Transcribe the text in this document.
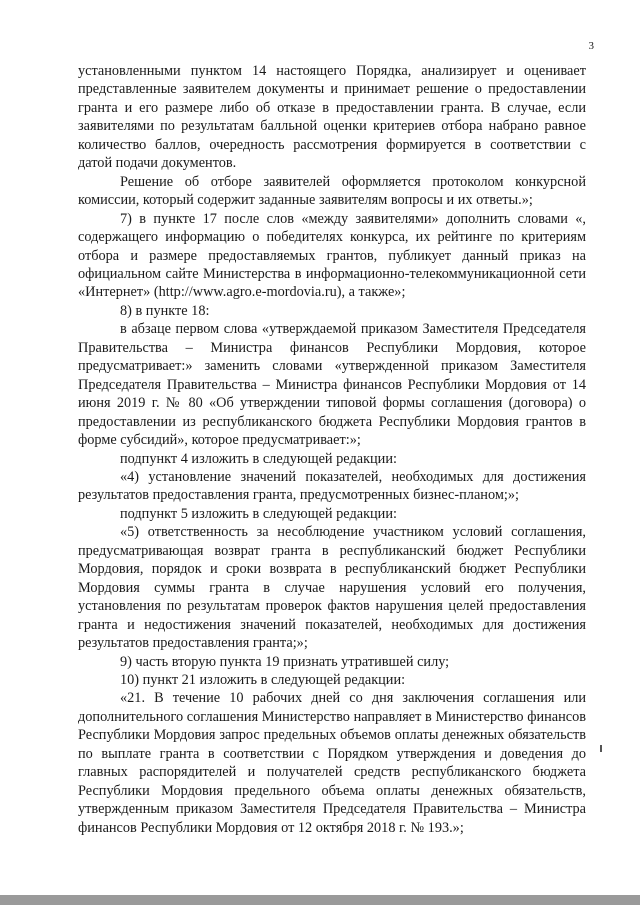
3

установленными пунктом 14 настоящего Порядка, анализирует и оценивает представленные заявителем документы и принимает решение о предоставлении гранта и его размере либо об отказе в предоставлении гранта. В случае, если заявителями по результатам балльной оценки критериев отбора набрано равное количество баллов, очередность рассмотрения формируется в соответствии с датой подачи документов.

Решение об отборе заявителей оформляется протоколом конкурсной комиссии, который содержит заданные заявителям вопросы и их ответы.»;

7) в пункте 17 после слов «между заявителями» дополнить словами «, содержащего информацию о победителях конкурса, их рейтинге по критериям отбора и размере предоставляемых грантов, публикует данный приказ на официальном сайте Министерства в информационно-телекоммуникационной сети «Интернет» (http://www.agro.e-mordovia.ru), а также»;

8) в пункте 18:

в абзаце первом слова «утверждаемой приказом Заместителя Председателя Правительства – Министра финансов Республики Мордовия, которое предусматривает:» заменить словами «утвержденной приказом Заместителя Председателя Правительства – Министра финансов Республики Мордовия от 14 июня 2019 г. № 80 «Об утверждении типовой формы соглашения (договора) о предоставлении из республиканского бюджета Республики Мордовия грантов в форме субсидий», которое предусматривает:»;

подпункт 4 изложить в следующей редакции:

«4) установление значений показателей, необходимых для достижения результатов предоставления гранта, предусмотренных бизнес-планом;»;

подпункт 5 изложить в следующей редакции:

«5) ответственность за несоблюдение участником условий соглашения, предусматривающая возврат гранта в республиканский бюджет Республики Мордовия, порядок и сроки возврата в республиканский бюджет Республики Мордовия суммы гранта в случае нарушения условий его получения, установления по результатам проверок фактов нарушения целей предоставления гранта и недостижения значений показателей, необходимых для достижения результатов предоставления гранта;»;

9) часть вторую пункта 19 признать утратившей силу;

10) пункт 21 изложить в следующей редакции:

«21. В течение 10 рабочих дней со дня заключения соглашения или дополнительного соглашения Министерство направляет в Министерство финансов Республики Мордовия запрос предельных объемов оплаты денежных обязательств по выплате гранта в соответствии с Порядком утверждения и доведения до главных распорядителей и получателей средств республиканского бюджета Республики Мордовия предельного объема оплаты денежных обязательств, утвержденным приказом Заместителя Председателя Правительства – Министра финансов Республики Мордовия от 12 октября 2018 г. № 193.»;
